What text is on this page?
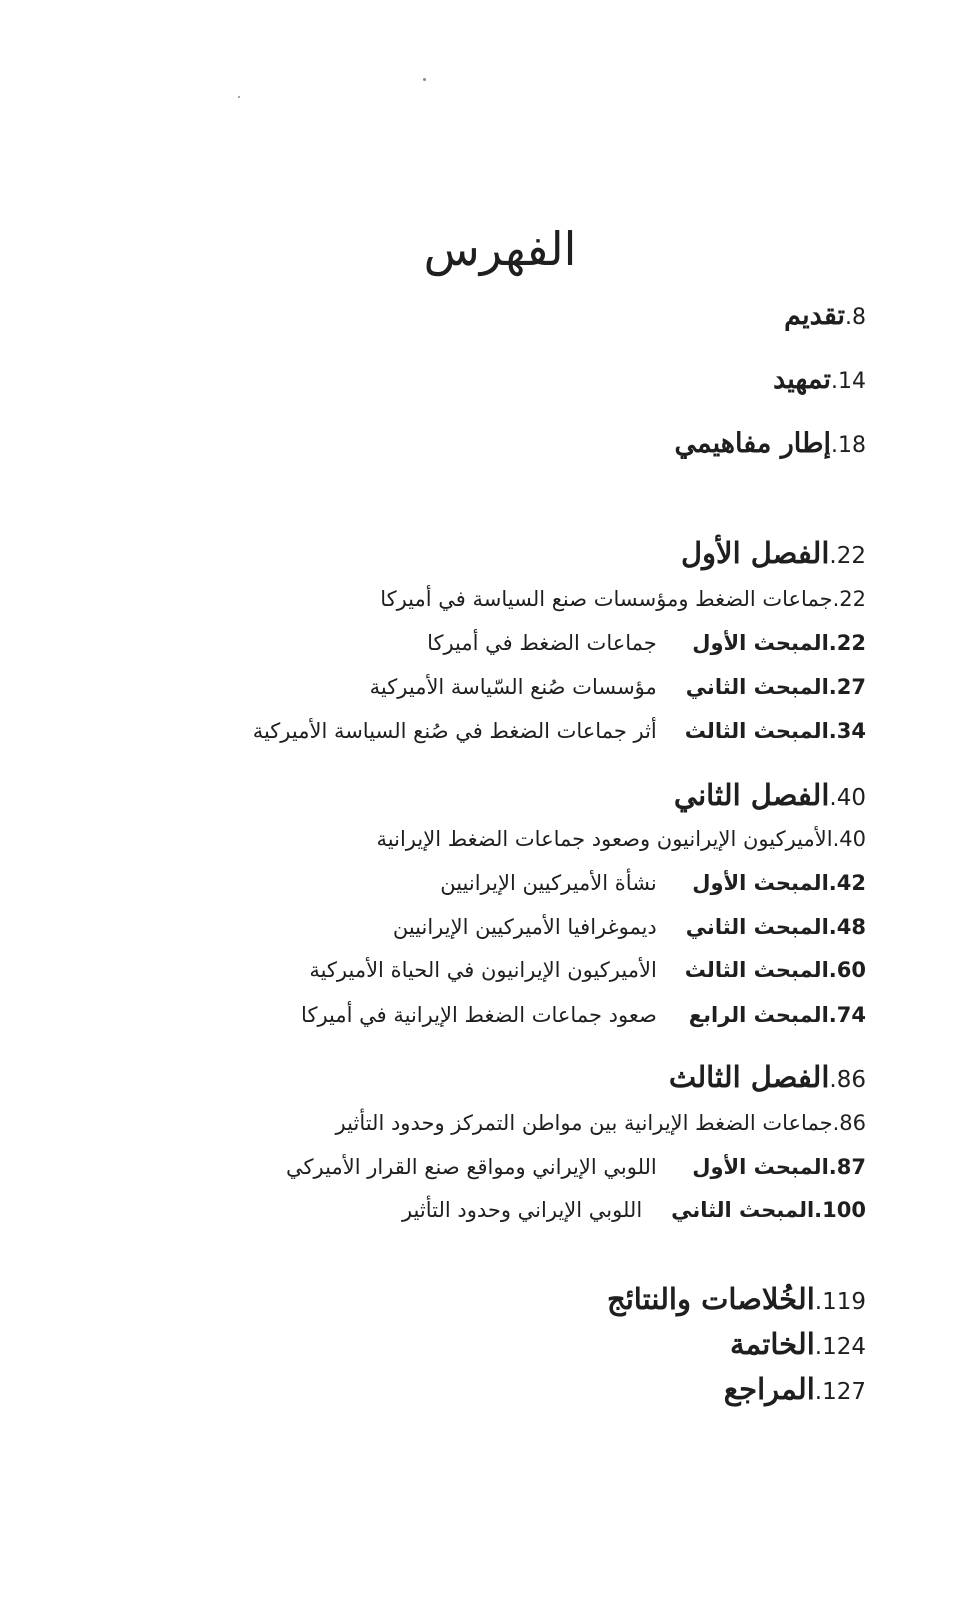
الفهرس
8
.
تقديم
14
.
تمهيد
18
.
إطار مفاهيمي
22
.
الفصل الأول
22
.
جماعات الضغط ومؤسسات صنع السياسة في أميركا
22
.
المبحث الأول
جماعات الضغط في أميركا
27
.
المبحث الثاني
مؤسسات صُنع السّياسة الأميركية
34
.
المبحث الثالث
أثر جماعات الضغط في صُنع السياسة الأميركية
40
.
الفصل الثاني
40
.
الأميركيون الإيرانيون وصعود جماعات الضغط الإيرانية
42
.
المبحث الأول
نشأة الأميركيين الإيرانيين
48
.
المبحث الثاني
ديموغرافيا الأميركيين الإيرانيين
60
.
المبحث الثالث
الأميركيون الإيرانيون في الحياة الأميركية
74
.
المبحث الرابع
صعود جماعات الضغط الإيرانية في أميركا
86
.
الفصل الثالث
86
.
جماعات الضغط الإيرانية بين مواطن التمركز وحدود التأثير
87
.
المبحث الأول
اللوبي الإيراني ومواقع صنع القرار الأميركي
100
.
المبحث الثاني
اللوبي الإيراني وحدود التأثير
119
.
الخُلاصات والنتائج
124
.
الخاتمة
127
.
المراجع
